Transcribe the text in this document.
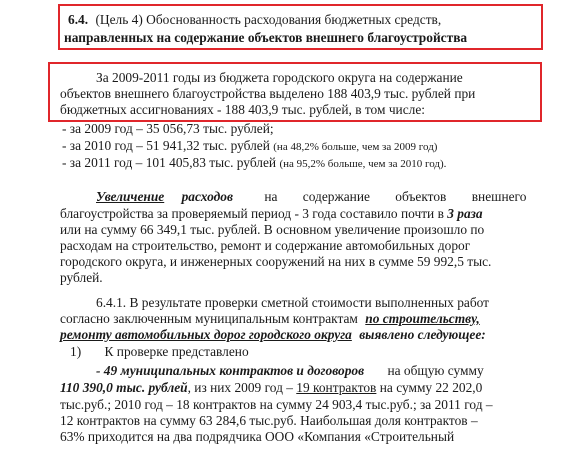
6.4. (Цель 4) Обоснованность расходования бюджетных средств,
направленных на содержание объектов внешнего благоустройства
За 2009-2011 годы из бюджета городского округа на содержание
объектов внешнего благоустройства выделено 188 403,9 тыс. рублей при
бюджетных ассигнованиях - 188 403,9 тыс. рублей, в том числе:
- за 2009 год – 35 056,73 тыс. рублей;
- за 2010 год – 51 941,32 тыс. рублей (на 48,2% больше, чем за 2009 год)
- за 2011 год – 101 405,83 тыс. рублей (на 95,2% больше, чем за 2010 год).
Увеличение расходов на содержание объектов внешнего
благоустройства за проверяемый период - 3 года составило почти в 3 раза
или на сумму 66 349,1 тыс. рублей. В основном увеличение произошло по
расходам на строительство, ремонт и содержание автомобильных дорог
городского округа, и инженерных сооружений на них в сумме 59 992,5 тыс.
рублей.
6.4.1. В результате проверки сметной стоимости выполненных работ
согласно заключенным муниципальным контрактам по строительству,
ремонту автомобильных дорог городского округа выявлено следующее:
1) К проверке представлено
- 49 муниципальных контрактов и договоров на общую сумму
110 390,0 тыс. рублей, из них 2009 год – 19 контрактов на сумму 22 202,0
тыс.руб.; 2010 год – 18 контрактов на сумму 24 903,4 тыс.руб.; за 2011 год –
12 контрактов на сумму 63 284,6 тыс.руб. Наибольшая доля контрактов –
63% приходится на два подрядчика ООО «Компания «Строительный
